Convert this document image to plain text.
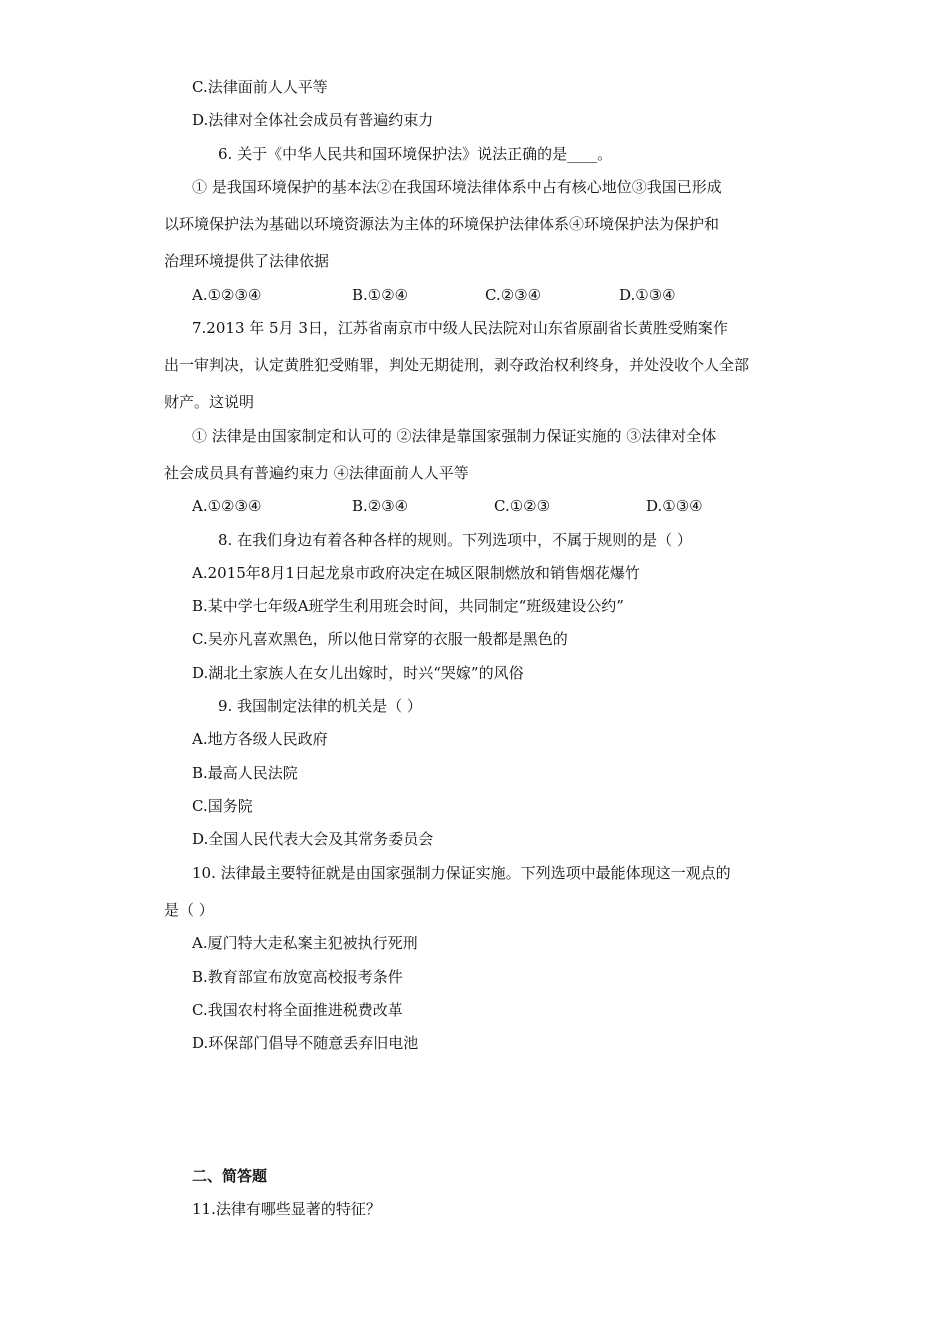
C.法律面前人人平等
D.法律对全体社会成员有普遍约束力
6. 关于《中华人民共和国环境保护法》说法正确的是____。
① 是我国环境保护的基本法②在我国环境法律体系中占有核心地位③我国已形成
以环境保护法为基础以环境资源法为主体的环境保护法律体系④环境保护法为保护和
治理环境提供了法律依据
A.①②③④	B.①②④	C.②③④	D.①③④
7.2013 年 5月 3日，江苏省南京市中级人民法院对山东省原副省长黄胜受贿案作
出一审判决，认定黄胜犯受贿罪，判处无期徒刑，剥夺政治权利终身，并处没收个人全部
财产。这说明
① 法律是由国家制定和认可的 ②法律是靠国家强制力保证实施的 ③法律对全体
社会成员具有普遍约束力 ④法律面前人人平等
A.①②③④	B.②③④	C.①②③	D.①③④
8. 在我们身边有着各种各样的规则。下列选项中，不属于规则的是（ ）
A.2015年8月1日起龙泉市政府决定在城区限制燃放和销售烟花爆竹
B.某中学七年级A班学生利用班会时间，共同制定“班级建设公约”
C.吴亦凡喜欢黑色，所以他日常穿的衣服一般都是黑色的
D.湖北土家族人在女儿出嫁时，时兴“哭嫁”的风俗
9. 我国制定法律的机关是（ ）
A.地方各级人民政府
B.最高人民法院
C.国务院
D.全国人民代表大会及其常务委员会
10. 法律最主要特征就是由国家强制力保证实施。下列选项中最能体现这一观点的
是（ ）
A.厦门特大走私案主犯被执行死刑
B.教育部宣布放宽高校报考条件
C.我国农村将全面推进税费改革
D.环保部门倡导不随意丢弃旧电池
二、简答题
11.法律有哪些显著的特征？
